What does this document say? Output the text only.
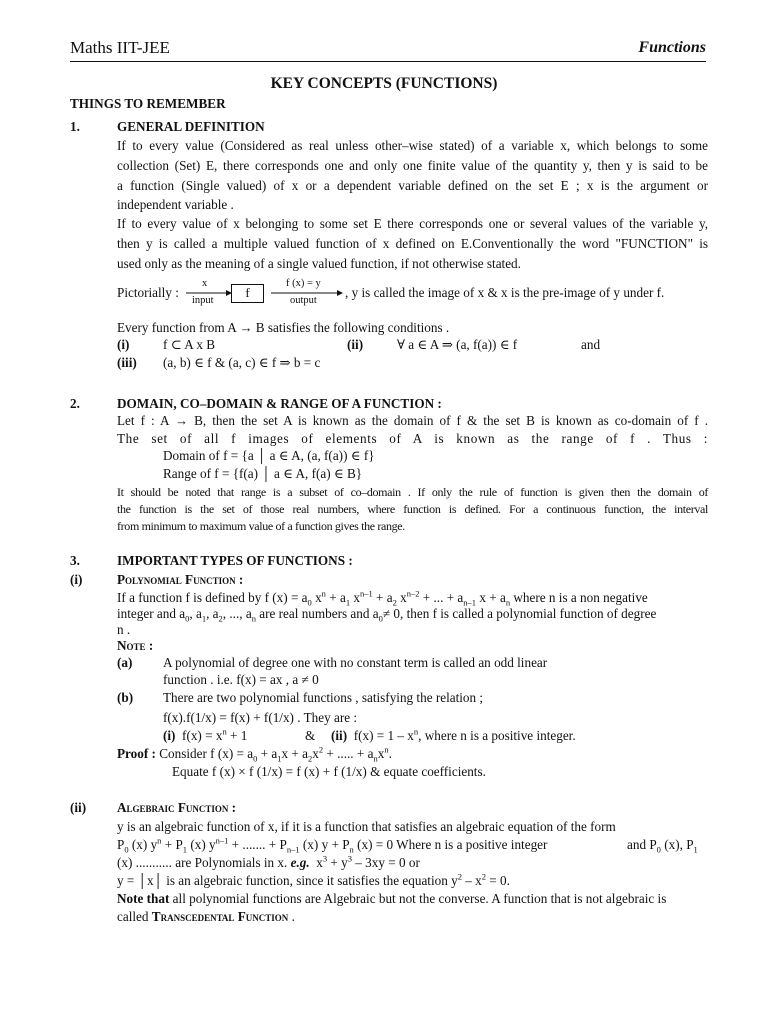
Maths IIT-JEE	Functions
KEY CONCEPTS (FUNCTIONS)
THINGS TO REMEMBER
1.	GENERAL DEFINITION
If to every value (Considered as real unless other–wise stated) of a variable x, which belongs to some
collection (Set) E, there corresponds one and only one finite value of the quantity y, then y is said to be
a function (Single valued) of x or a dependent variable defined on the set E ; x is the argument or
independent variable .
If to every value of x belonging to some set E there corresponds one or several values of the variable y,
then y is called a multiple valued function of x defined on E.Conventionally the word "FUNCTION" is
used only as the meaning of a single valued function, if not otherwise stated.
Pictorially :
x
input
f
f (x) = y
output
, y is called the image of x & x is the pre-image of y under f.
Every function from A → B satisfies the following conditions .
(i)	f ⊂ A x B	(ii)	∀ a ∈ A ⇒ (a, f(a)) ∈ f	and
(iii) (a, b) ∈ f & (a, c) ∈ f ⇒ b = c
2.	DOMAIN, CO–DOMAIN & RANGE OF A FUNCTION :
Let f : A → B, then the set A is known as the domain of f & the set B is known as co-domain of f .
The set of all f images of elements of A is known as the range of f . Thus :
Domain of f = {a │ a ∈ A, (a, f(a)) ∈ f}
Range of f = {f(a) │ a ∈ A, f(a) ∈ B}
It should be noted that range is a subset of co–domain . If only the rule of function is given then the domain of
the function is the set of those real numbers, where function is defined. For a continuous function, the interval
from minimum to maximum value of a function gives the range.
3.	IMPORTANT TYPES OF FUNCTIONS :
(i)	Polynomial Function :
If a function f is defined by f $(x) = a_0$ $x^n + a_1$ $x^{n-1} + a_2$ $x^{n-2}$ + ... + $a_{n-1}$ $x + a_n$ where n is a non negative
integer and $a_0$, $a_1$, $a_2$, ..., $a_n$ are real numbers and $a_0\ne 0$, then f is called a polynomial function of degree
n .
Note :
(a) A polynomial of degree one with no constant term is called an odd linear
function . i.e. f(x) = ax , a ≠ 0
(b) There are two polynomial functions , satisfying the relation ;
f(x).f(1/x) = f(x) + f(1/x) . They are :
(i) $f(x) = x^n + 1$	& (ii) $f(x) = 1 - x^n$, where n is a positive integer.
Proof : Consider f $(x) = a_0 + a_1x + a_2x^2$ + ..... + $a_nx^n$.
Equate f (x) × f (1/x) = f (x) + f (1/x) & equate coefficients.
(ii) Algebraic Function :
y is an algebraic function of x, if it is a function that satisfies an algebraic equation of the form
$P_0$ (x) $y^n + P_1$ (x) $y^{n-1}$ + ....... + $P_{n-1}$ (x) $y + P_n$ (x) = 0 Where n is a positive integer	and $P_0$ (x), $P_1$
(x) ........... are Polynomials in x. e.g.  $x^3 + y^3 - 3xy = 0$ or
y = │x│ is an algebraic function, since it satisfies the equation $y^2 - x^2 = 0$.
Note that all polynomial functions are Algebraic but not the converse. A function that is not algebraic is
called Transcedental Function .
